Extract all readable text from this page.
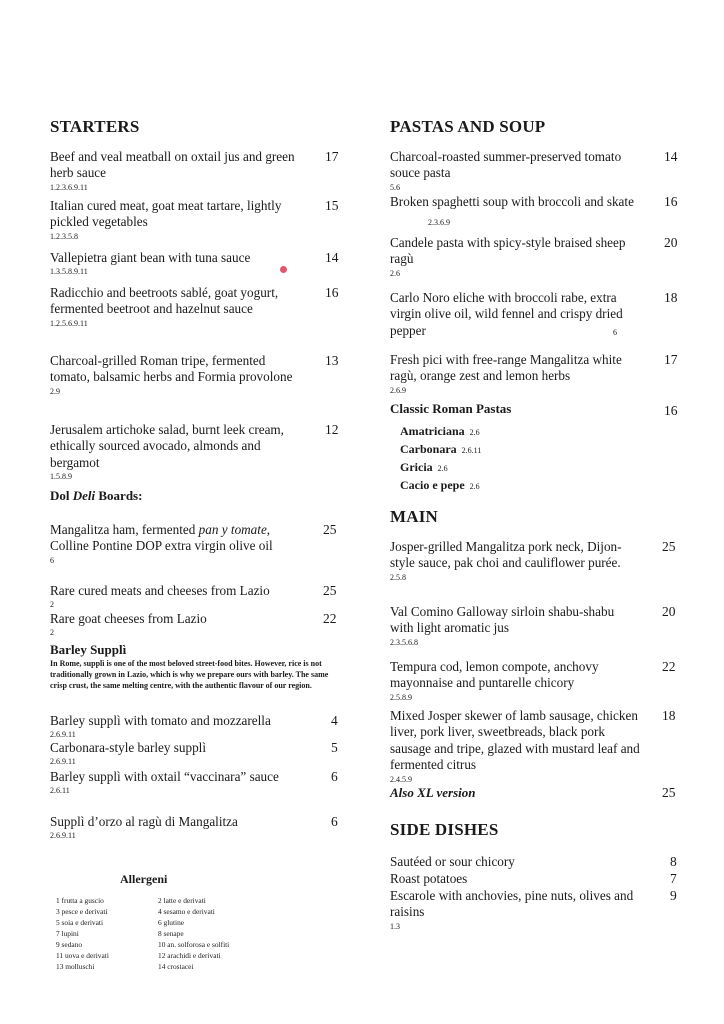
STARTERS
Beef and veal meatball on oxtail jus and green herb sauce
1.2.3.6.9.11
17
Italian cured meat, goat meat tartare, lightly pickled vegetables
1.2.3.5.8
15
Vallepietra giant bean with tuna sauce
1.3.5.8.9.11
14
Radicchio and beetroots sablé, goat yogurt, fermented beetroot and hazelnut sauce
1.2.5.6.9.11
16
Charcoal-grilled Roman tripe, fermented tomato, balsamic herbs and Formia provolone
2.9
13
Jerusalem artichoke salad, burnt leek cream, ethically sourced avocado, almonds and bergamot
1.5.8.9
12
Dol Deli Boards:
Mangalitza ham, fermented pan y tomate, Colline Pontine DOP extra virgin olive oil
6
25
Rare cured meats and cheeses from Lazio
2
25
Rare goat cheeses from Lazio
2
22
Barley Supplì
In Rome, supplì is one of the most beloved street-food bites. However, rice is not traditionally grown in Lazio, which is why we prepare ours with barley. The same crisp crust, the same melting centre, with the authentic flavour of our region.
Barley supplì with tomato and mozzarella
2.6.9.11
4
Carbonara-style barley supplì
2.6.9.11
5
Barley supplì with oxtail “vaccinara” sauce
2.6.11
6
Supplì d’orzo al ragù di Mangalitza
2.6.9.11
6
Allergeni
1 frutta a guscio
3 pesce e derivati
5 soia e derivati
7 lupini
9 sedano
11 uova e derivati
13 molluschi
2 latte e derivati
4 sesamo e derivati
6 glutine
8 senape
10 an. solforosa e solfiti
12 arachidi e derivati
14 crostacei
PASTAS AND SOUP
Charcoal-roasted summer-preserved tomato souce pasta
5.6
14
Broken spaghetti soup with broccoli and skate
2.3.6.9
16
Candele pasta with spicy-style braised sheep ragù
2.6
20
Carlo Noro eliche with broccoli rabe, extra virgin olive oil, wild fennel and crispy dried pepper	6
18
Fresh pici with free-range Mangalitza white ragù, orange zest and lemon herbs
2.6.9
17
Classic Roman Pastas	16
Amatriciana 2.6
Carbonara 2.6.11
Gricia 2.6
Cacio e pepe 2.6
MAIN
Josper-grilled Mangalitza pork neck, Dijon-style sauce, pak choi and cauliflower purée.
2.5.8
25
Val Comino Galloway sirloin shabu-shabu with light aromatic jus
2.3.5.6.8
20
Tempura cod, lemon compote, anchovy mayonnaise and puntarelle chicory
2.5.8.9
22
Mixed Josper skewer of lamb sausage, chicken liver, pork liver, sweetbreads, black pork sausage and tripe, glazed with mustard leaf and fermented citrus
2.4.5.9
18
Also XL version	25
SIDE DISHES
Sautéed or sour chicory	8
Roast potatoes	7
Escarole with anchovies, pine nuts, olives and raisins
1.3
9
